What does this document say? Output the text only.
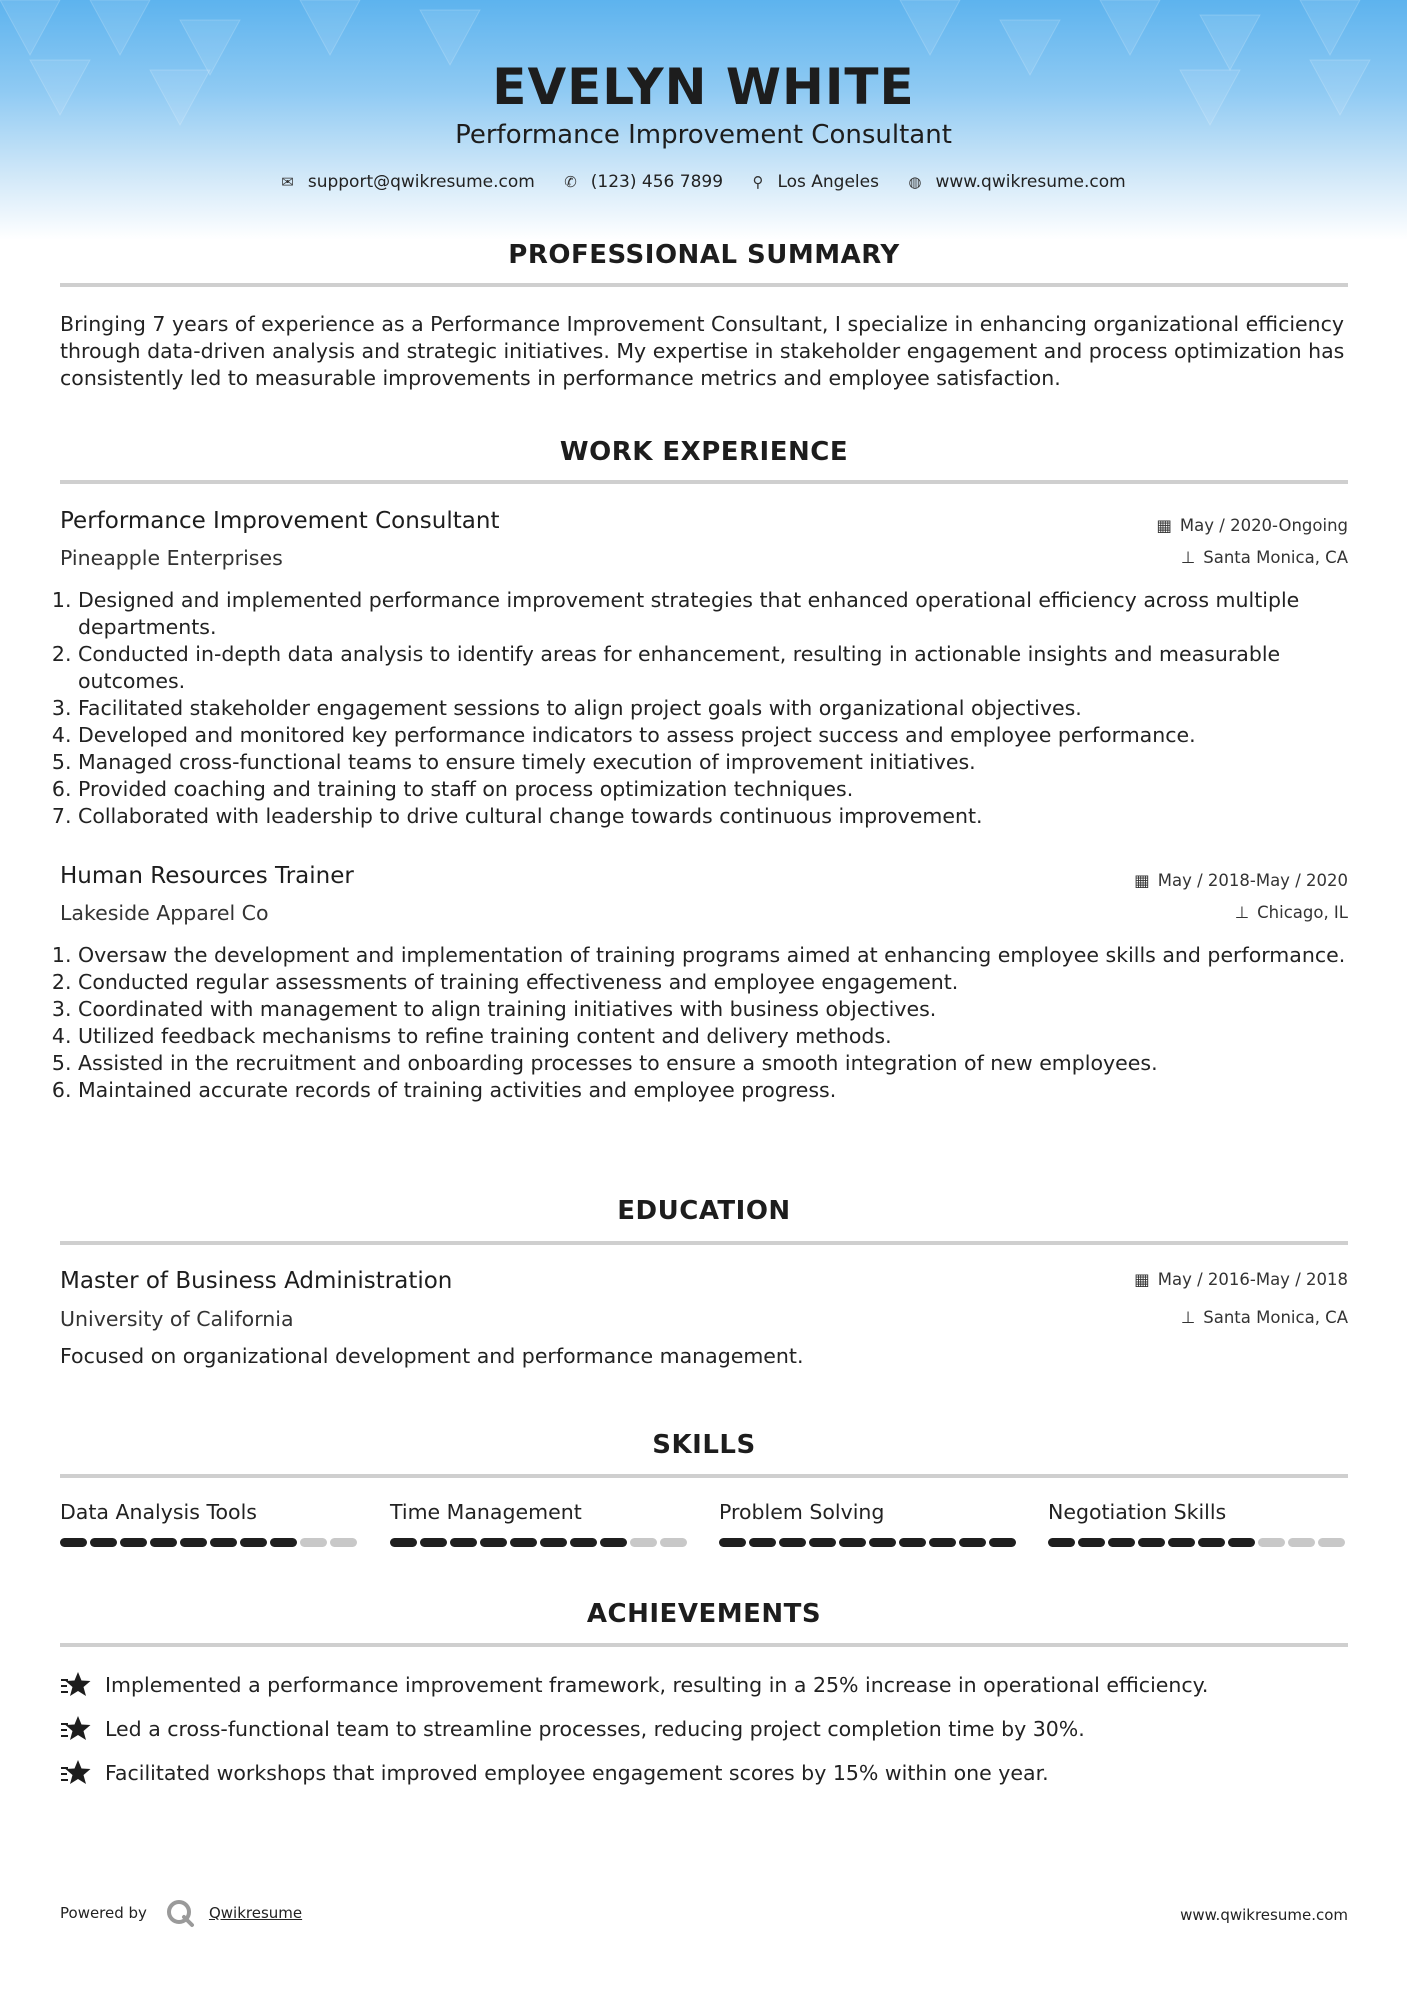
EVELYN WHITE
Performance Improvement Consultant
✉ support@qwikresume.com ✆ (123) 456 7899 ⚲ Los Angeles ◍ www.qwikresume.com
PROFESSIONAL SUMMARY
Bringing 7 years of experience as a Performance Improvement Consultant, I specialize in enhancing organizational efficiency through data-driven analysis and strategic initiatives. My expertise in stakeholder engagement and process optimization has consistently led to measurable improvements in performance metrics and employee satisfaction.
WORK EXPERIENCE
Performance Improvement Consultant	▦ May / 2020-Ongoing
Pineapple Enterprises	⊥ Santa Monica, CA
1. Designed and implemented performance improvement strategies that enhanced operational efficiency across multiple departments.
2. Conducted in-depth data analysis to identify areas for enhancement, resulting in actionable insights and measurable outcomes.
3. Facilitated stakeholder engagement sessions to align project goals with organizational objectives.
4. Developed and monitored key performance indicators to assess project success and employee performance.
5. Managed cross-functional teams to ensure timely execution of improvement initiatives.
6. Provided coaching and training to staff on process optimization techniques.
7. Collaborated with leadership to drive cultural change towards continuous improvement.
Human Resources Trainer	▦ May / 2018-May / 2020
Lakeside Apparel Co	⊥ Chicago, IL
1. Oversaw the development and implementation of training programs aimed at enhancing employee skills and performance.
2. Conducted regular assessments of training effectiveness and employee engagement.
3. Coordinated with management to align training initiatives with business objectives.
4. Utilized feedback mechanisms to refine training content and delivery methods.
5. Assisted in the recruitment and onboarding processes to ensure a smooth integration of new employees.
6. Maintained accurate records of training activities and employee progress.
EDUCATION
Master of Business Administration	▦ May / 2016-May / 2018
University of California	⊥ Santa Monica, CA
Focused on organizational development and performance management.
SKILLS
Data Analysis Tools	Time Management	Problem Solving	Negotiation Skills
ACHIEVEMENTS
Implemented a performance improvement framework, resulting in a 25% increase in operational efficiency.
Led a cross-functional team to streamline processes, reducing project completion time by 30%.
Facilitated workshops that improved employee engagement scores by 15% within one year.
Powered by	Qwikresume	www.qwikresume.com
